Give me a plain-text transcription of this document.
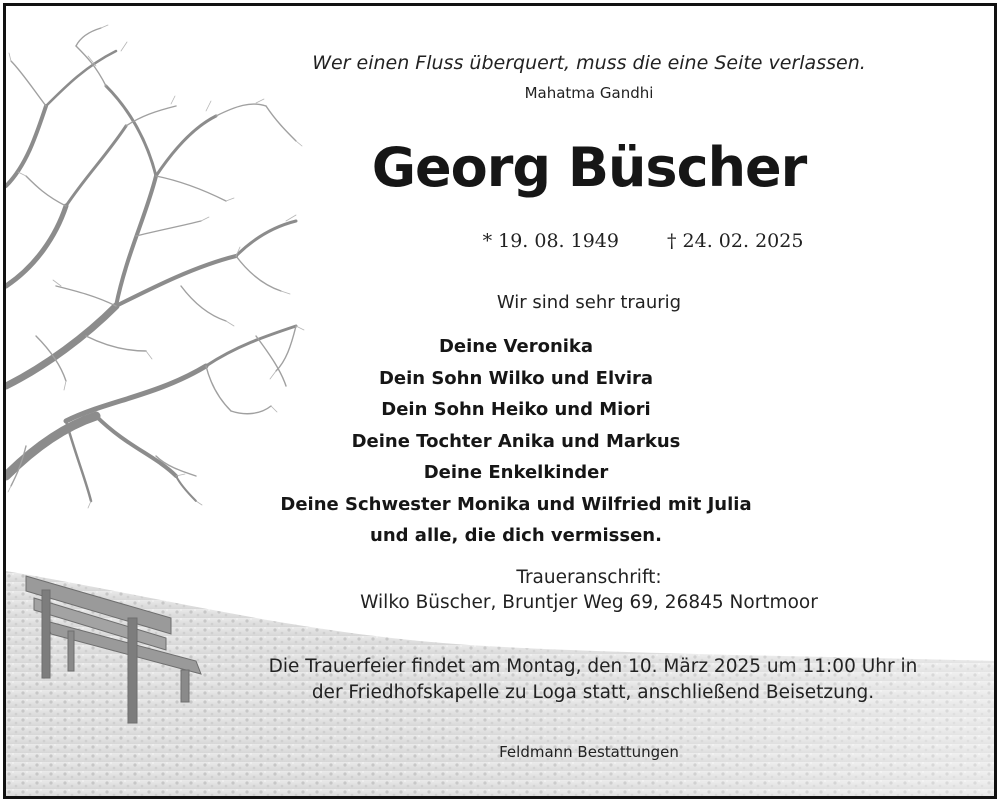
Wer einen Fluss überquert, muss die eine Seite verlassen.
Mahatma Gandhi
Georg Büscher
* 19. 08. 1949	† 24. 02. 2025
Wir sind sehr traurig
Deine Veronika
Dein Sohn Wilko und Elvira
Dein Sohn Heiko und Miori
Deine Tochter Anika und Markus
Deine Enkelkinder
Deine Schwester Monika und Wilfried mit Julia
und alle, die dich vermissen.
Traueranschrift:
Wilko Büscher, Bruntjer Weg 69, 26845 Nortmoor
Die Trauerfeier findet am Montag, den 10. März 2025 um 11:00 Uhr in
der Friedhofskapelle zu Loga statt, anschließend Beisetzung.
Feldmann Bestattungen
